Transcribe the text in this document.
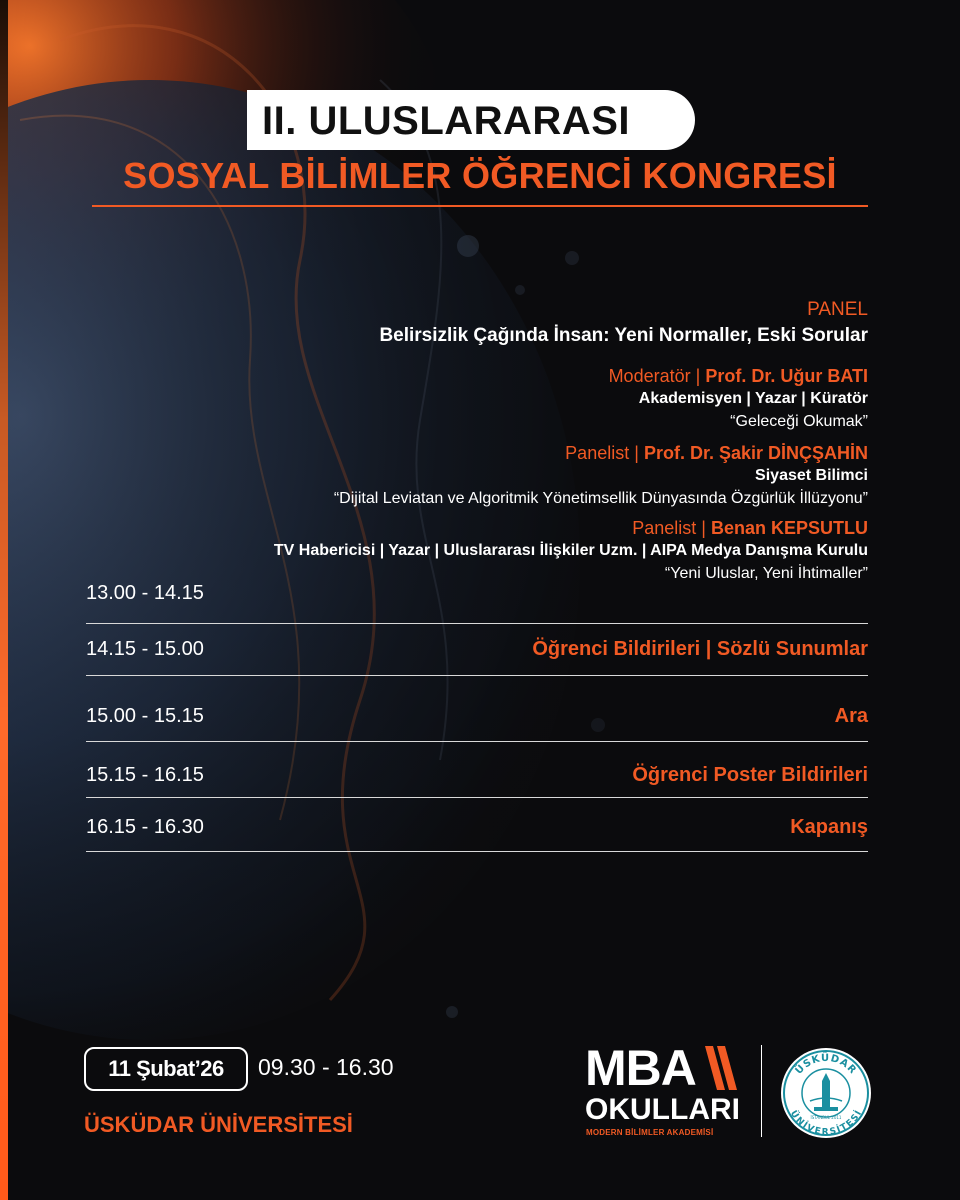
II. ULUSLARARASI
SOSYAL BİLİMLER ÖĞRENCİ KONGRESİ
PANEL
Belirsizlik Çağında İnsan: Yeni Normaller, Eski Sorular
Moderatör | Prof. Dr. Uğur BATI
Akademisyen | Yazar | Küratör
“Geleceği Okumak”
Panelist | Prof. Dr. Şakir DİNÇŞAHİN
Siyaset Bilimci
“Dijital Leviatan ve Algoritmik Yönetimsellik Dünyasında Özgürlük İllüzyonu”
Panelist | Benan KEPSUTLU
TV Habericisi | Yazar | Uluslararası İlişkiler Uzm. | AIPA Medya Danışma Kurulu
“Yeni Uluslar, Yeni İhtimaller”
13.00 - 14.15
14.15 - 15.00	Öğrenci Bildirileri | Sözlü Sunumlar
15.00 - 15.15	Ara
15.15 - 16.15	Öğrenci Poster Bildirileri
16.15 - 16.30	Kapanış
11 Şubat’26	09.30 - 16.30
ÜSKÜDAR ÜNİVERSİTESİ
MBA
OKULLARI
MODERN BİLİMLER AKADEMİSİ
ÜSKÜDAR
ÜNİVERSİTESİ
İSTANBUL 2011
